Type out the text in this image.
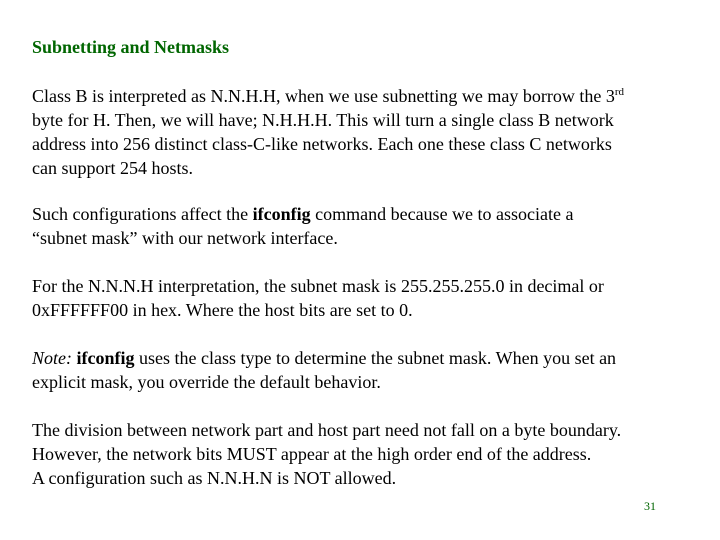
Subnetting and Netmasks

Class B is interpreted as N.N.H.H, when we use subnetting we may borrow the 3rd
byte for H. Then, we will have; N.H.H.H. This will turn a single class B network
address into 256 distinct class-C-like networks. Each one these class C networks
can support 254 hosts.

Such configurations affect the ifconfig command because we to associate a
“subnet mask” with our network interface.

For the N.N.N.H interpretation, the subnet mask is 255.255.255.0 in decimal or
0xFFFFFF00 in hex. Where the host bits are set to 0.

Note: ifconfig uses the class type to determine the subnet mask. When you set an
explicit mask, you override the default behavior.

The division between network part and host part need not fall on a byte boundary.
However, the network bits MUST appear at the high order end of the address.
A configuration such as N.N.H.N is NOT allowed.

31
